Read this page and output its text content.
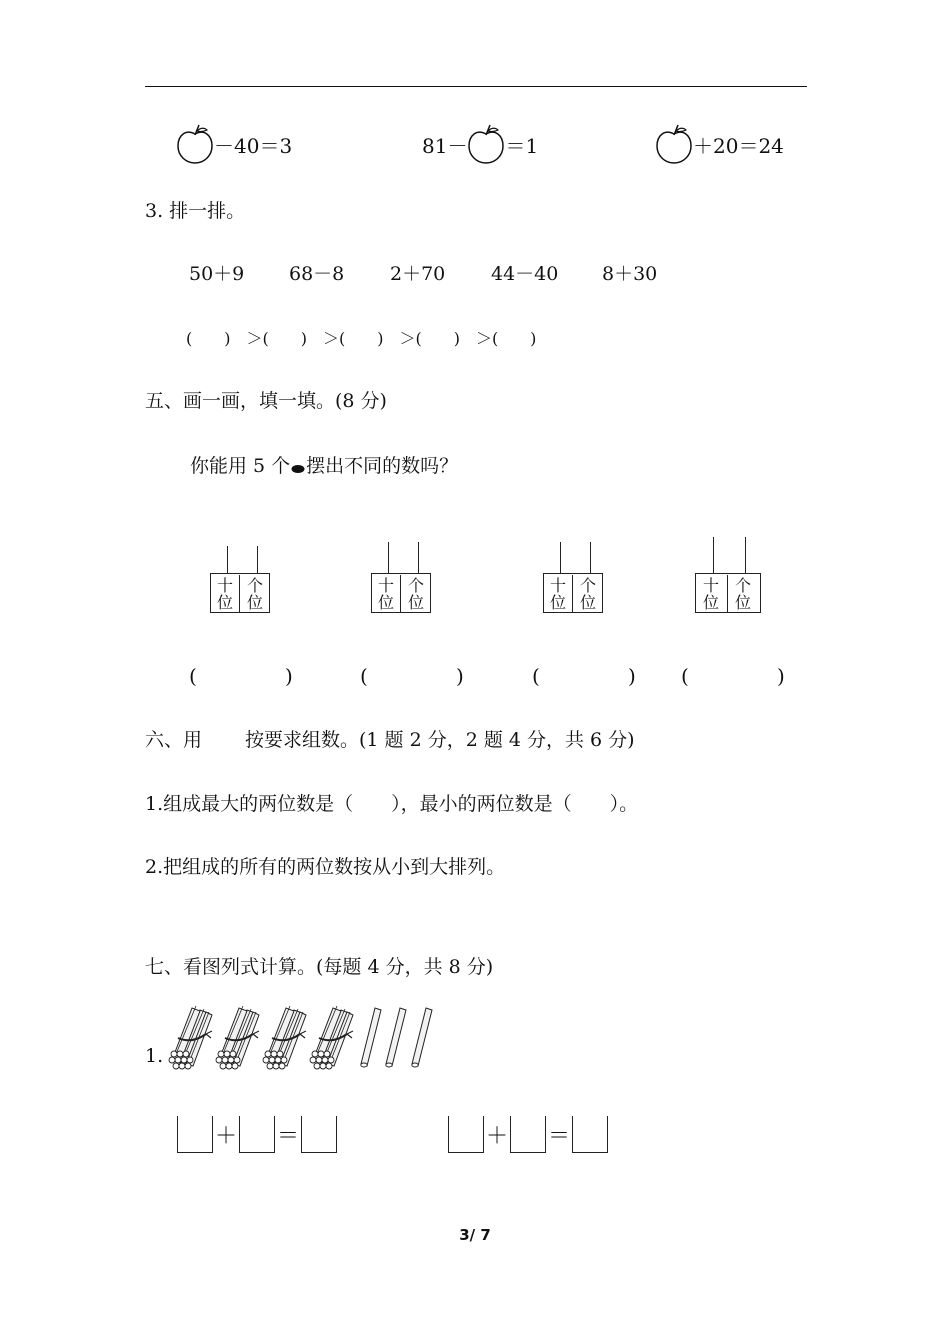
－40＝3	81－ ＝1	＋20＝24
3. 排一排。
50＋9 68－8 2＋70 44－40 8＋30
(　　)　＞(　　)　＞(　　)　＞(　　)　＞(　　)
五、画一画，填一填。(8 分)
你能用 5 个 摆出不同的数吗？
十
位
个
位
十
位
个
位
十
位
个
位
十
位
个
位
(	)	(	)	(	) (	)
六、用 按要求组数。(1 题 2 分，2 题 4 分，共 6 分)
1.组成最大的两位数是（　　），最小的两位数是（　　）。
2.把组成的所有的两位数按从小到大排列。
七、看图列式计算。(每题 4 分，共 8 分)
1.
＋ ＝	＋ ＝
3/ 7
